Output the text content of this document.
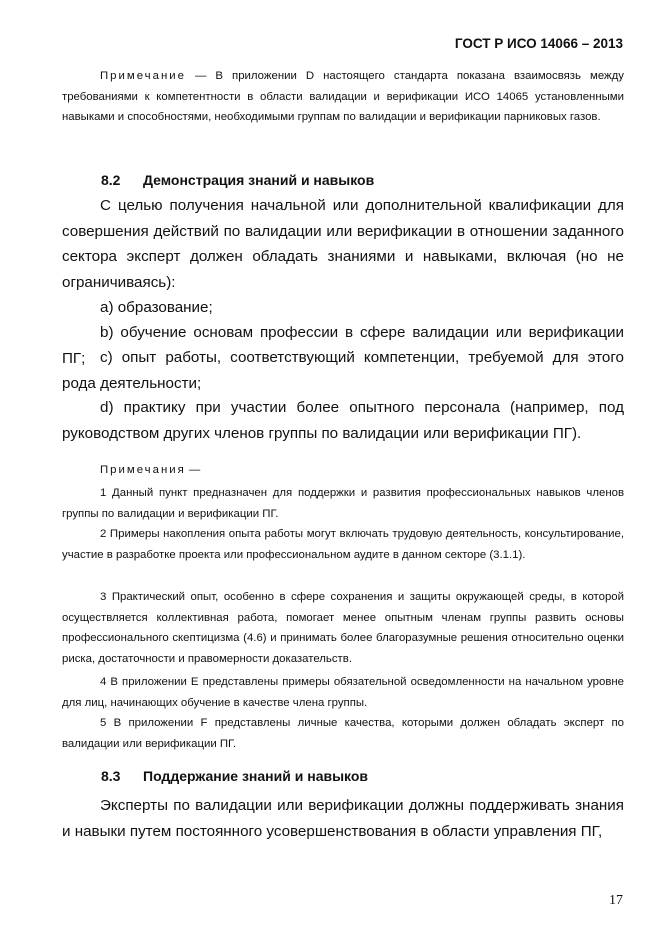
ГОСТ Р ИСО 14066 – 2013
Примечание — В приложении D настоящего стандарта показана взаимосвязь между требованиями к компетентности в области валидации и верификации ИСО 14065 установленными навыками и способностями, необходимыми группам по валидации и верификации парниковых газов.
8.2 Демонстрация знаний и навыков
С целью получения начальной или дополнительной квалификации для совершения действий по валидации или верификации в отношении заданного сектора эксперт должен обладать знаниями и навыками, включая (но не ограничиваясь):
a) образование;
b) обучение основам профессии в сфере валидации или верификации ПГ; c) опыт работы, соответствующий компетенции, требуемой для этого рода деятельности;
d) практику при участии более опытного персонала (например, под руководством других членов группы по валидации или верификации ПГ).
Примечания —
1 Данный пункт предназначен для поддержки и развития профессиональных навыков членов группы по валидации и верификации ПГ.
2 Примеры накопления опыта работы могут включать трудовую деятельность, консультирование, участие в разработке проекта или профессиональном аудите в данном секторе (3.1.1).
3 Практический опыт, особенно в сфере сохранения и защиты окружающей среды, в которой осуществляется коллективная работа, помогает менее опытным членам группы развить основы профессионального скептицизма (4.6) и принимать более благоразумные решения относительно оценки риска, достаточности и правомерности доказательств.
4 В приложении E представлены примеры обязательной осведомленности на начальном уровне для лиц, начинающих обучение в качестве члена группы.
5 В приложении F представлены личные качества, которыми должен обладать эксперт по валидации или верификации ПГ.
8.3 Поддержание знаний и навыков
Эксперты по валидации или верификации должны поддерживать знания и навыки путем постоянного усовершенствования в области управления ПГ,
17
